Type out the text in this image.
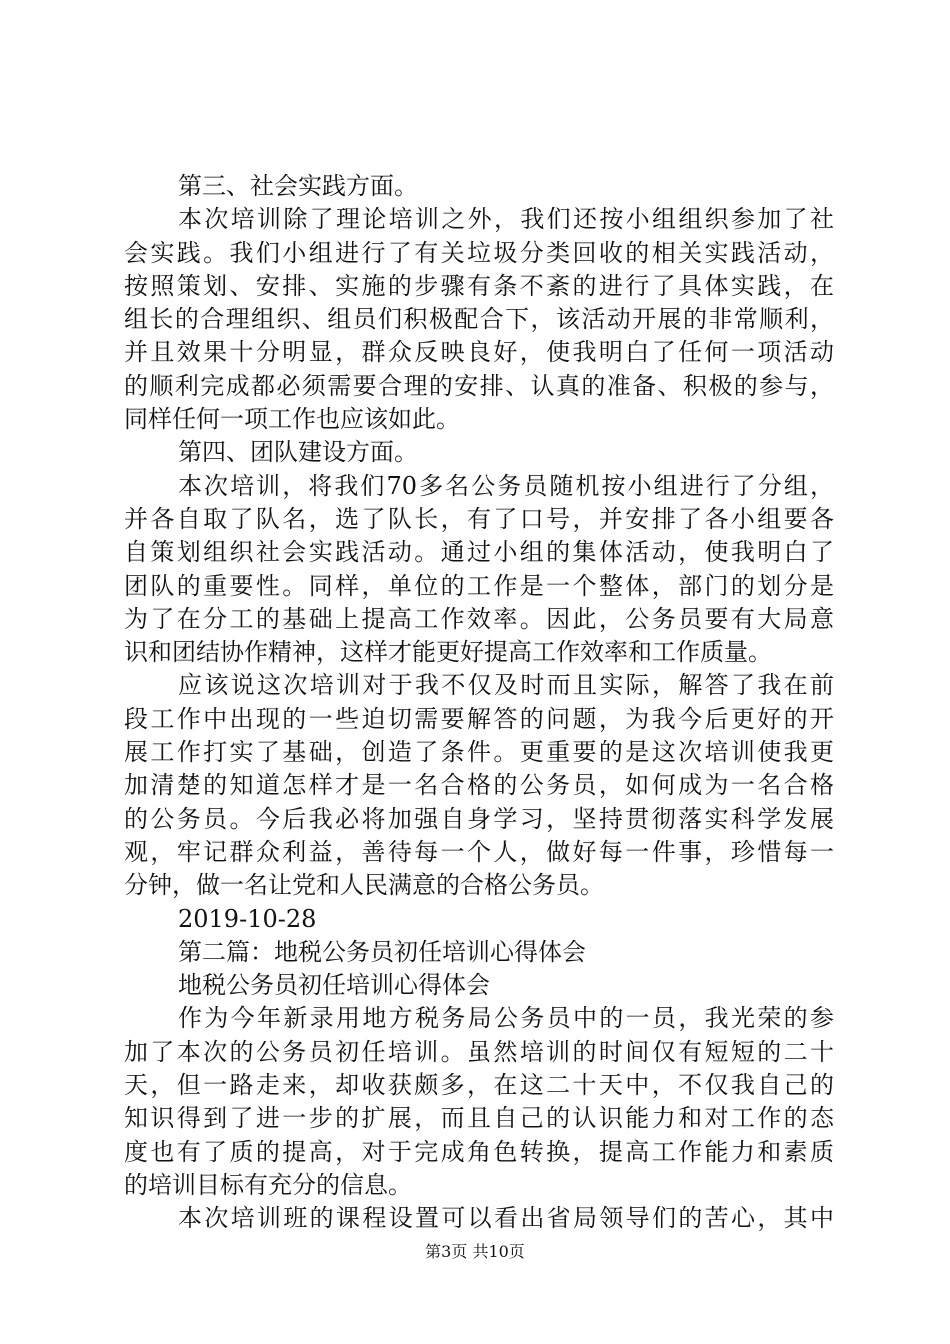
第三、社会实践方面。
本次培训除了理论培训之外，我们还按小组组织参加了社
会实践。我们小组进行了有关垃圾分类回收的相关实践活动，
按照策划、安排、实施的步骤有条不紊的进行了具体实践，在
组长的合理组织、组员们积极配合下，该活动开展的非常顺利，
并且效果十分明显，群众反映良好，使我明白了任何一项活动
的顺利完成都必须需要合理的安排、认真的准备、积极的参与，
同样任何一项工作也应该如此。
第四、团队建设方面。
本次培训，将我们70多名公务员随机按小组进行了分组，
并各自取了队名，选了队长，有了口号，并安排了各小组要各
自策划组织社会实践活动。通过小组的集体活动，使我明白了
团队的重要性。同样，单位的工作是一个整体，部门的划分是
为了在分工的基础上提高工作效率。因此，公务员要有大局意
识和团结协作精神，这样才能更好提高工作效率和工作质量。
应该说这次培训对于我不仅及时而且实际，解答了我在前
段工作中出现的一些迫切需要解答的问题，为我今后更好的开
展工作打实了基础，创造了条件。更重要的是这次培训使我更
加清楚的知道怎样才是一名合格的公务员，如何成为一名合格
的公务员。今后我必将加强自身学习，坚持贯彻落实科学发展
观，牢记群众利益，善待每一个人，做好每一件事，珍惜每一
分钟，做一名让党和人民满意的合格公务员。
2019-10-28
第二篇：地税公务员初任培训心得体会
地税公务员初任培训心得体会
作为今年新录用地方税务局公务员中的一员，我光荣的参
加了本次的公务员初任培训。虽然培训的时间仅有短短的二十
天，但一路走来，却收获颇多，在这二十天中，不仅我自己的
知识得到了进一步的扩展，而且自己的认识能力和对工作的态
度也有了质的提高，对于完成角色转换，提高工作能力和素质
的培训目标有充分的信息。
本次培训班的课程设置可以看出省局领导们的苦心，其中
第3页 共10页
